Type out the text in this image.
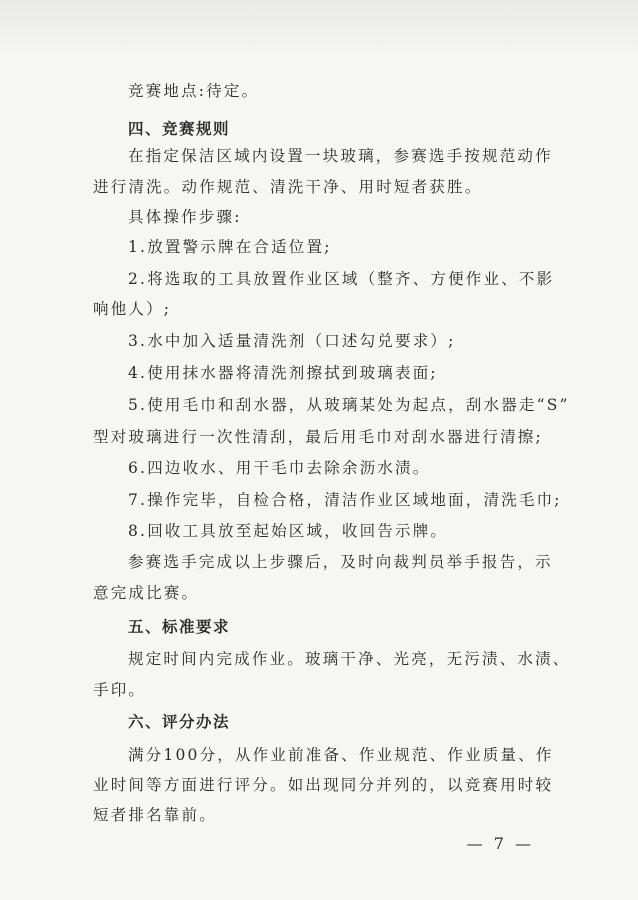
竞赛地点:待定。
四、竞赛规则
在指定保洁区域内设置一块玻璃，参赛选手按规范动作
进行清洗。动作规范、清洗干净、用时短者获胜。
具体操作步骤:
1.放置警示牌在合适位置;
2.将选取的工具放置作业区域（整齐、方便作业、不影
响他人）;
3.水中加入适量清洗剂（口述勾兑要求）;
4.使用抹水器将清洗剂擦拭到玻璃表面;
5.使用毛巾和刮水器，从玻璃某处为起点，刮水器走“S”
型对玻璃进行一次性清刮，最后用毛巾对刮水器进行清擦;
6.四边收水、用干毛巾去除余沥水渍。
7.操作完毕，自检合格，清洁作业区域地面，清洗毛巾;
8.回收工具放至起始区域，收回告示牌。
参赛选手完成以上步骤后，及时向裁判员举手报告，示
意完成比赛。
五、标准要求
规定时间内完成作业。玻璃干净、光亮，无污渍、水渍、
手印。
六、评分办法
满分100分，从作业前准备、作业规范、作业质量、作
业时间等方面进行评分。如出现同分并列的，以竞赛用时较
短者排名靠前。
— 7 —
